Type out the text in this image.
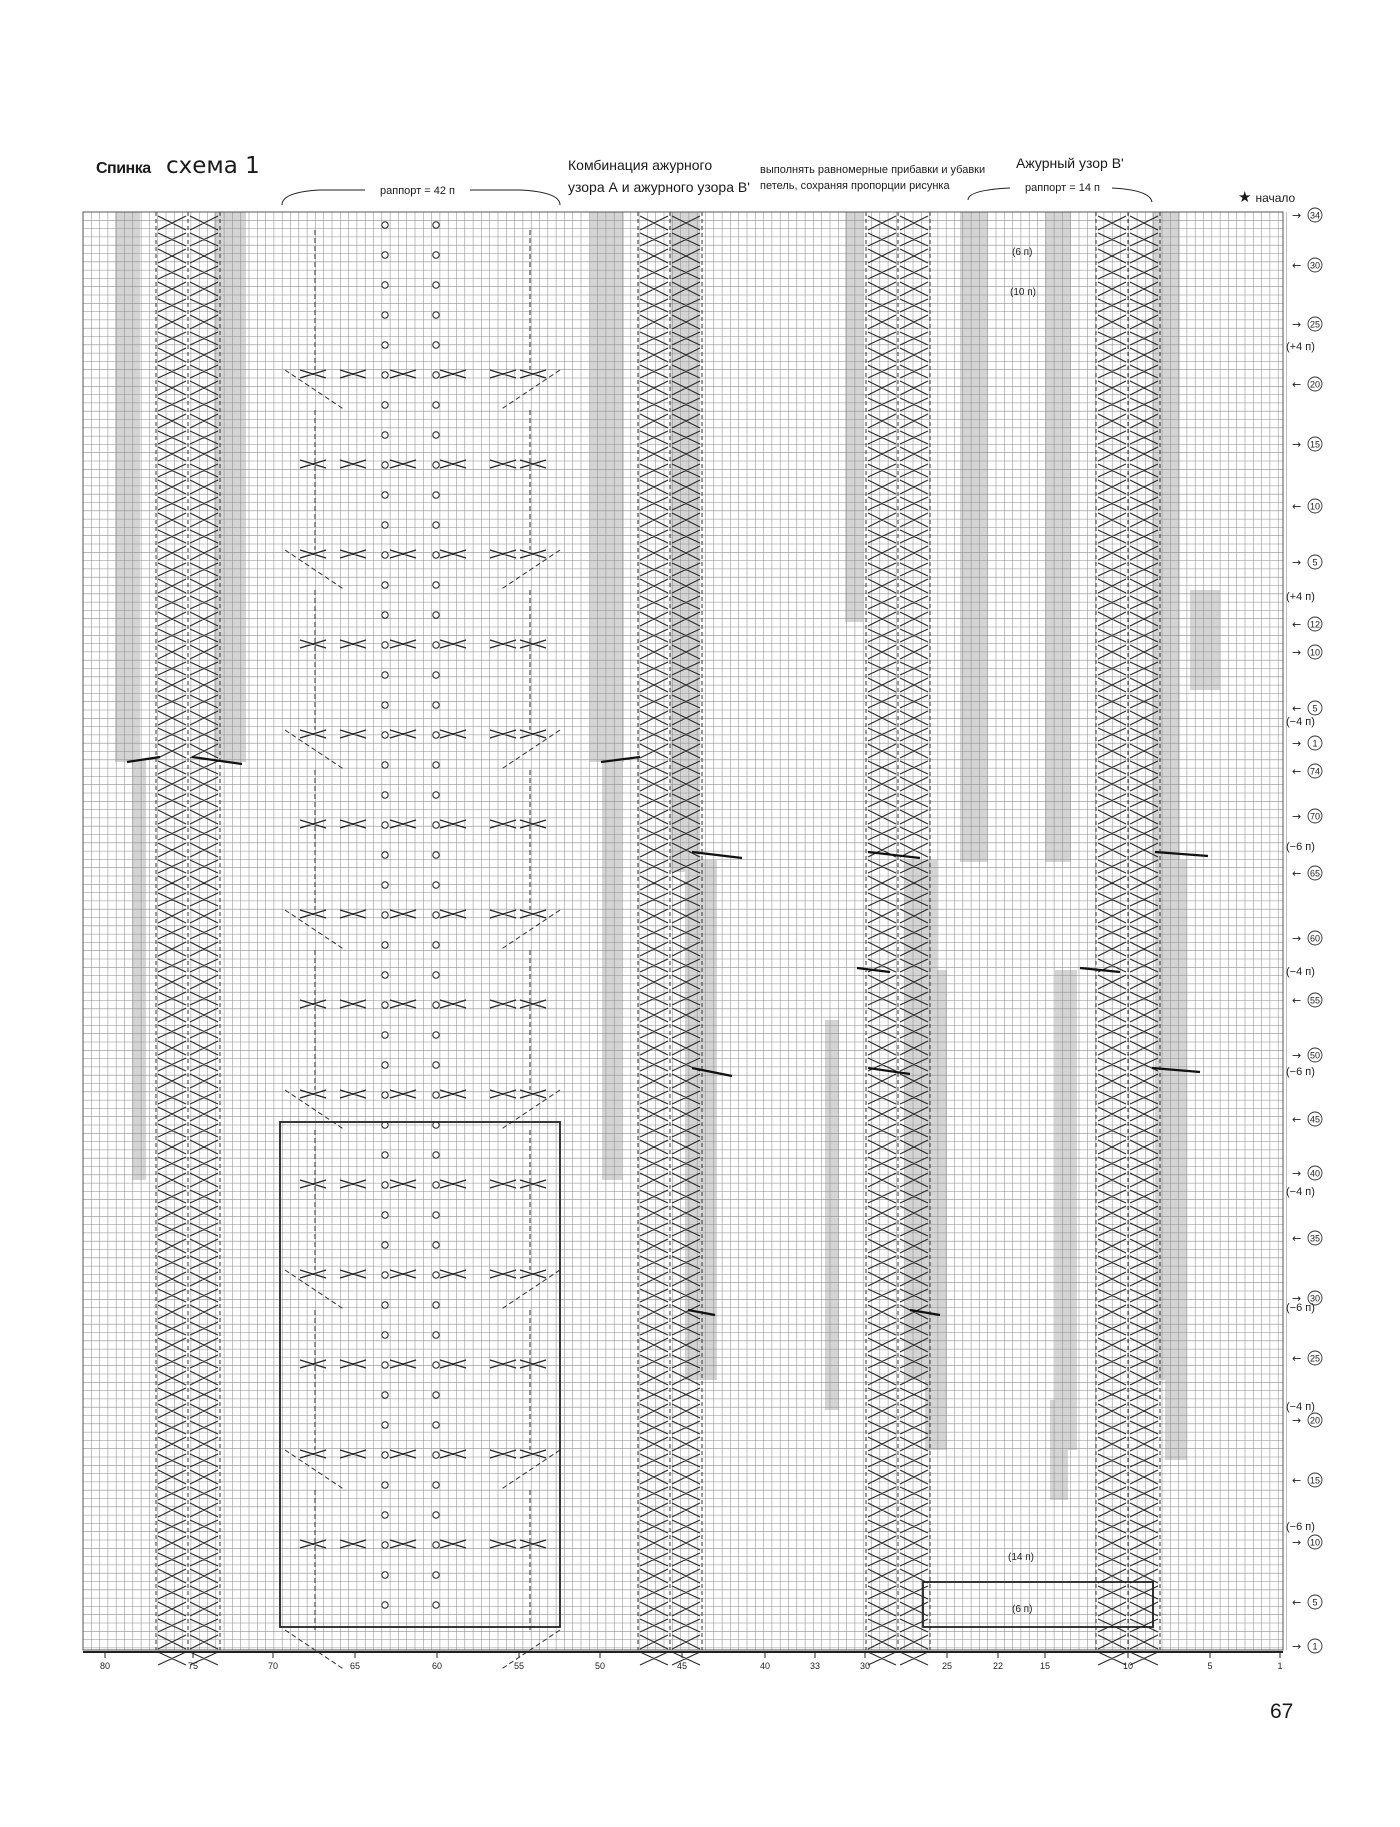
Спинка схема 1	Комбинация ажурного
узора А и ажурного узора В'
выполнять равномерные прибавки и убавки
петель, сохраняя пропорции рисунка
Ажурный узор В'
раппорт = 42 п	раппорт = 14 п
★ начало
67
(6 п)
(10 п)
(14 п)
(6 п)
→ 34
← 30
→ 25
← 20
→ 15
← 10
→ 5
← 12
→ 10
← 5
→ 1
← 74
→ 70
← 65
→ 60
← 55
→ 50
← 45
→ 40
← 35
→ 30
← 25
→ 20
← 15
→ 10
← 5
→ 1
(+4 п)
(+4 п)
(−4 п)
(−6 п)
(−4 п)
(−6 п)
(−4 п)
(−6 п)
(−4 п)
(−6 п)
80	75	70	65	60	55	50	45	40	33	30	25	22	15	10	5	1
